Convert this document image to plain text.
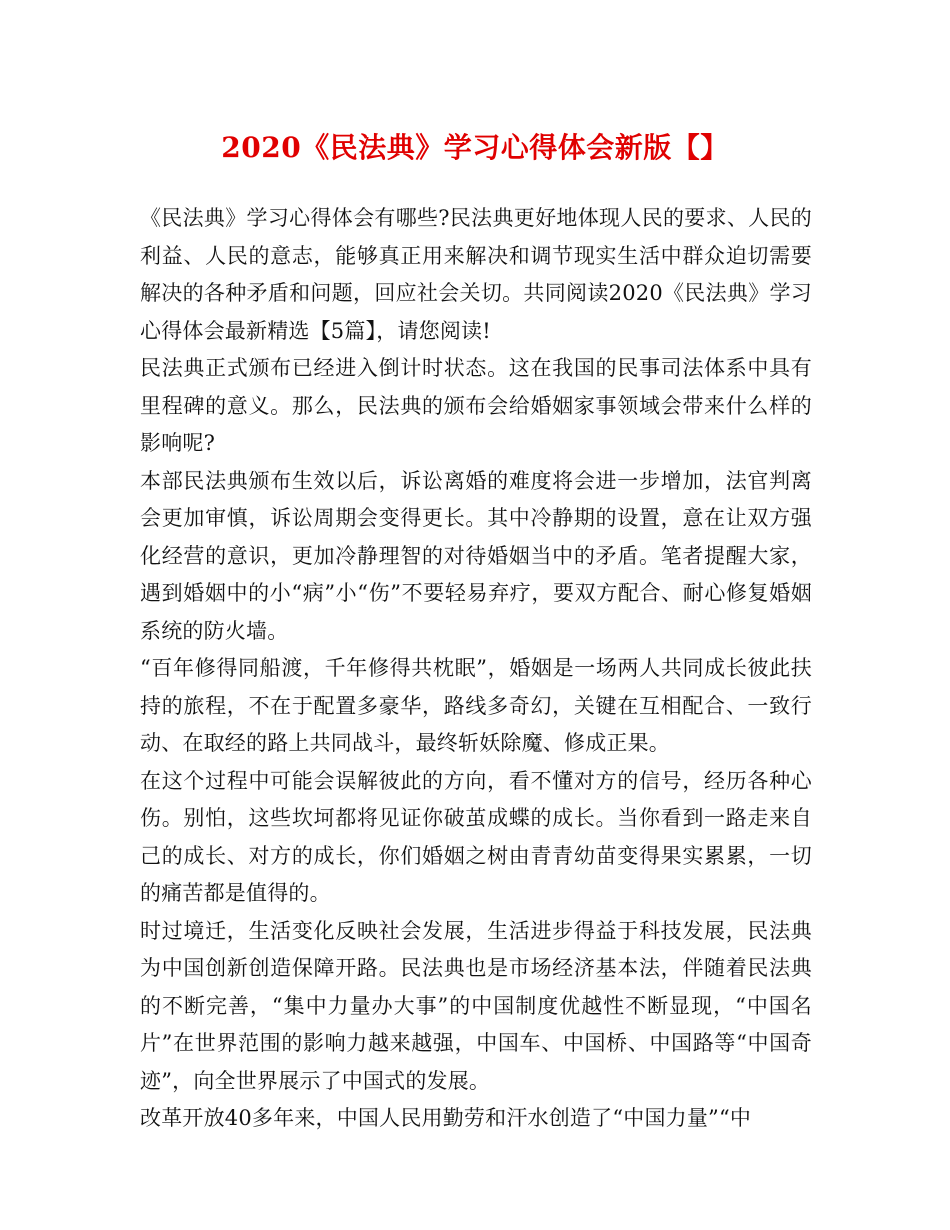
2020《民法典》学习心得体会新版【】

《民法典》学习心得体会有哪些?民法典更好地体现人民的要求、人民的利益、人民的意志，能够真正用来解决和调节现实生活中群众迫切需要解决的各种矛盾和问题，回应社会关切。共同阅读2020《民法典》学习心得体会最新精选【5篇】，请您阅读!

民法典正式颁布已经进入倒计时状态。这在我国的民事司法体系中具有里程碑的意义。那么，民法典的颁布会给婚姻家事领域会带来什么样的影响呢?

本部民法典颁布生效以后，诉讼离婚的难度将会进一步增加，法官判离会更加审慎，诉讼周期会变得更长。其中冷静期的设置，意在让双方强化经营的意识，更加冷静理智的对待婚姻当中的矛盾。笔者提醒大家，遇到婚姻中的小“病”小“伤”不要轻易弃疗，要双方配合、耐心修复婚姻系统的防火墙。

“百年修得同船渡，千年修得共枕眠”，婚姻是一场两人共同成长彼此扶持的旅程，不在于配置多豪华，路线多奇幻，关键在互相配合、一致行动、在取经的路上共同战斗，最终斩妖除魔、修成正果。

在这个过程中可能会误解彼此的方向，看不懂对方的信号，经历各种心伤。别怕，这些坎坷都将见证你破茧成蝶的成长。当你看到一路走来自己的成长、对方的成长，你们婚姻之树由青青幼苗变得果实累累，一切的痛苦都是值得的。

时过境迁，生活变化反映社会发展，生活进步得益于科技发展，民法典为中国创新创造保障开路。民法典也是市场经济基本法，伴随着民法典的不断完善，“集中力量办大事”的中国制度优越性不断显现，“中国名片”在世界范围的影响力越来越强，中国车、中国桥、中国路等“中国奇迹”，向全世界展示了中国式的发展。

改革开放40多年来，中国人民用勤劳和汗水创造了“中国力量”“中
